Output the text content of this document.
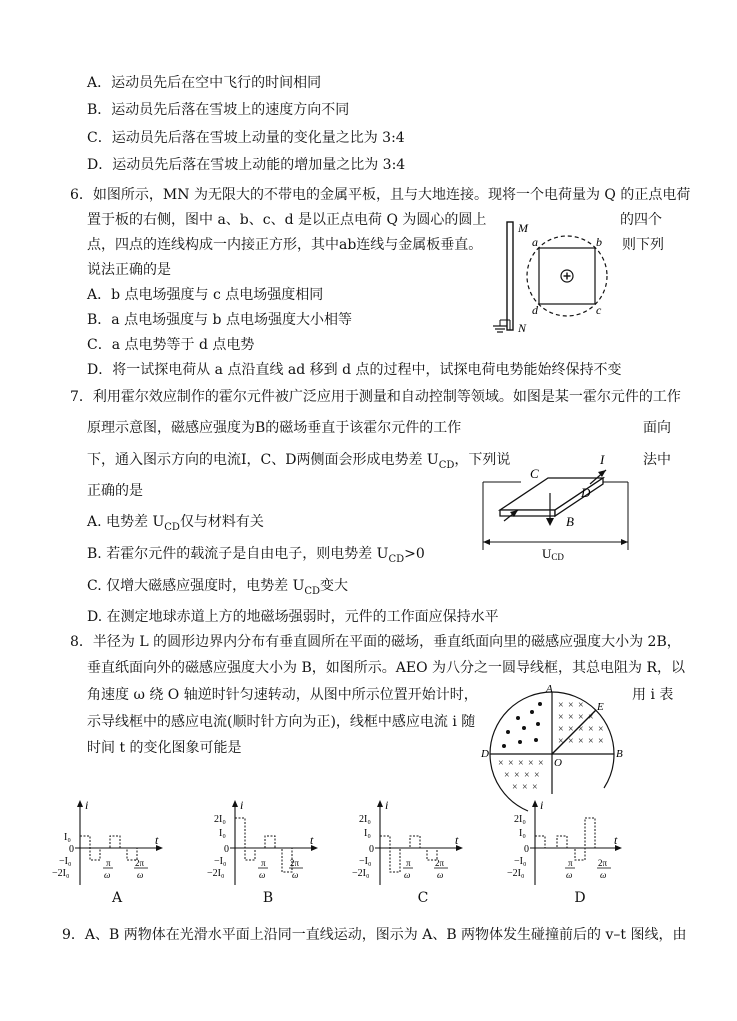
A．运动员先后在空中飞行的时间相同
B．运动员先后落在雪坡上的速度方向不同
C．运动员先后落在雪坡上动量的变化量之比为 3:4
D．运动员先后落在雪坡上动能的增加量之比为 3:4
6．如图所示，MN 为无限大的不带电的金属平板，且与大地连接。现将一个电荷量为 Q 的正点电荷
置于板的右侧，图中 a、b、c、d 是以正点电荷 Q 为圆心的圆上	的四个
点，四点的连线构成一内接正方形，其中ab连线与金属板垂直。	则下列
说法正确的是
A．b 点电场强度与 c 点电场强度相同
B．a 点电场强度与 b 点电场强度大小相等
C．a 点电势等于 d 点电势
D．将一试探电荷从 a 点沿直线 ad 移到 d 点的过程中，试探电荷电势能始终保持不变
M
N
a	b
c
d
7．利用霍尔效应制作的霍尔元件被广泛应用于测量和自动控制等领域。如图是某一霍尔元件的工作
原理示意图，磁感应强度为B的磁场垂直于该霍尔元件的工作	面向
下，通入图示方向的电流I，C、D两侧面会形成电势差 $U_{CD}$，下列说	法中
正确的是
A. 电势差 $U_{CD}$仅与材料有关
B. 若霍尔元件的载流子是自由电子，则电势差 $U_{CD}>0$
C. 仅增大磁感应强度时，电势差 $U_{CD}$变大
D. 在测定地球赤道上方的地磁场强弱时，元件的工作面应保持水平
C
D
I
B
UCD
8．半径为 L 的圆形边界内分布有垂直圆所在平面的磁场，垂直纸面向里的磁感应强度大小为 2B，
垂直纸面向外的磁感应强度大小为 B，如图所示。AEO 为八分之一圆导线框，其总电阻为 R，以
角速度 ω 绕 O 轴逆时针匀速转动，从图中所示位置开始计时，	用 i 表
示导线框中的感应电流(顺时针方向为正)，线框中感应电流 i 随
时间 t 的变化图象可能是
× × ×
× × × ×
× × × × ×
× × × × ×
× × × × ×
× × × ×
× × ×
A
E
O
D	B
i
t
I₀
0
−I₀
−2I₀
π
ω
2π
ω
A
i
t
2I₀
I₀
0
−I₀
−2I₀
π
ω
2π
ω
B
i
t
2I₀
I₀
0
−I₀
−2I₀
π
ω
2π
ω
C
i
t
2I₀
I₀
0
−I₀
−2I₀
π
ω
2π
ω
D
9．A、B 两物体在光滑水平面上沿同一直线运动，图示为 A、B 两物体发生碰撞前后的 v–t 图线，由
